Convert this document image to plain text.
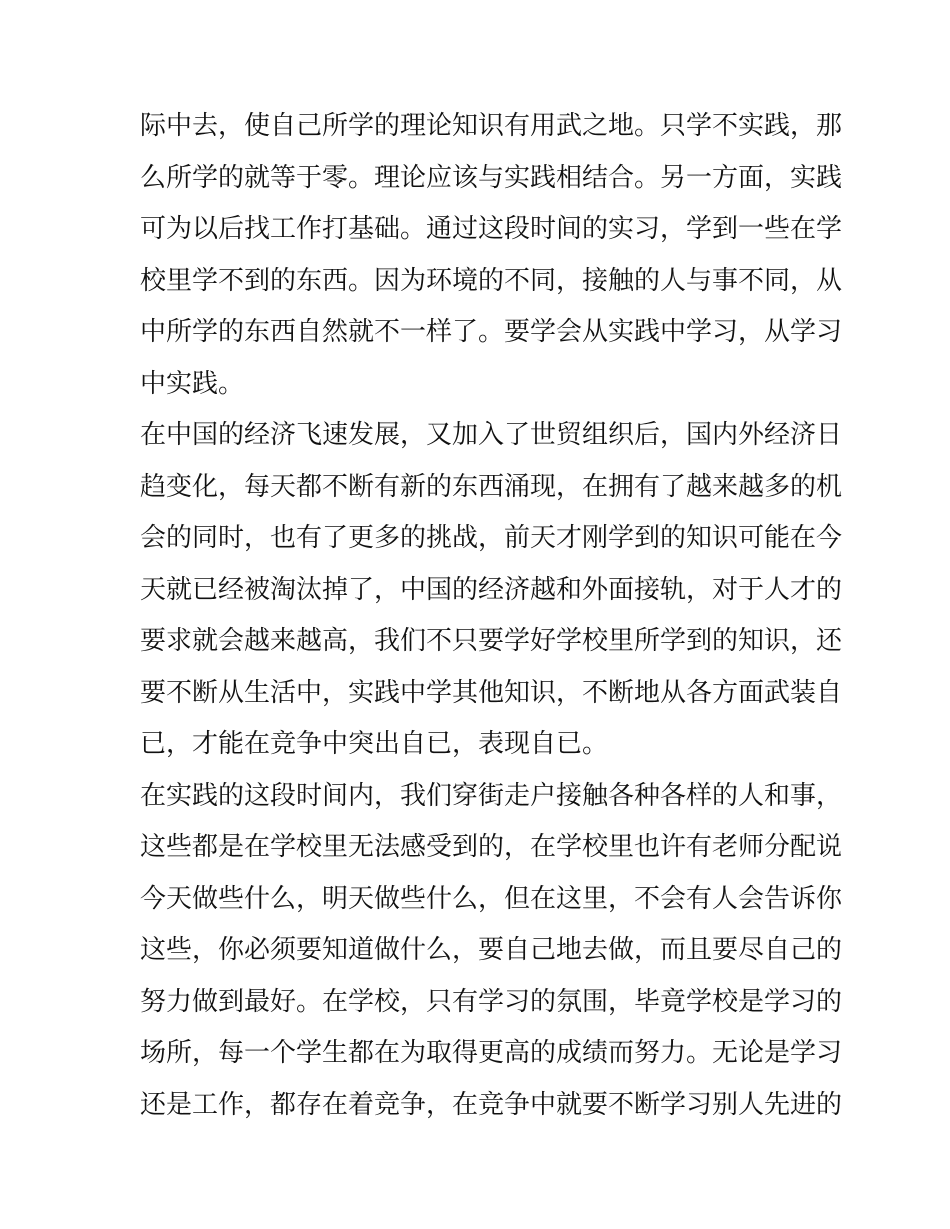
际中去，使自己所学的理论知识有用武之地。只学不实践，那
么所学的就等于零。理论应该与实践相结合。另一方面，实践
可为以后找工作打基础。通过这段时间的实习，学到一些在学
校里学不到的东西。因为环境的不同，接触的人与事不同，从
中所学的东西自然就不一样了。要学会从实践中学习，从学习
中实践。
在中国的经济飞速发展，又加入了世贸组织后，国内外经济日
趋变化，每天都不断有新的东西涌现，在拥有了越来越多的机
会的同时，也有了更多的挑战，前天才刚学到的知识可能在今
天就已经被淘汰掉了，中国的经济越和外面接轨，对于人才的
要求就会越来越高，我们不只要学好学校里所学到的知识，还
要不断从生活中，实践中学其他知识，不断地从各方面武装自
已，才能在竞争中突出自已，表现自已。
在实践的这段时间内，我们穿街走户接触各种各样的人和事，
这些都是在学校里无法感受到的，在学校里也许有老师分配说
今天做些什么，明天做些什么，但在这里，不会有人会告诉你
这些，你必须要知道做什么，要自己地去做，而且要尽自己的
努力做到最好。在学校，只有学习的氛围，毕竟学校是学习的
场所，每一个学生都在为取得更高的成绩而努力。无论是学习
还是工作，都存在着竞争，在竞争中就要不断学习别人先进的
